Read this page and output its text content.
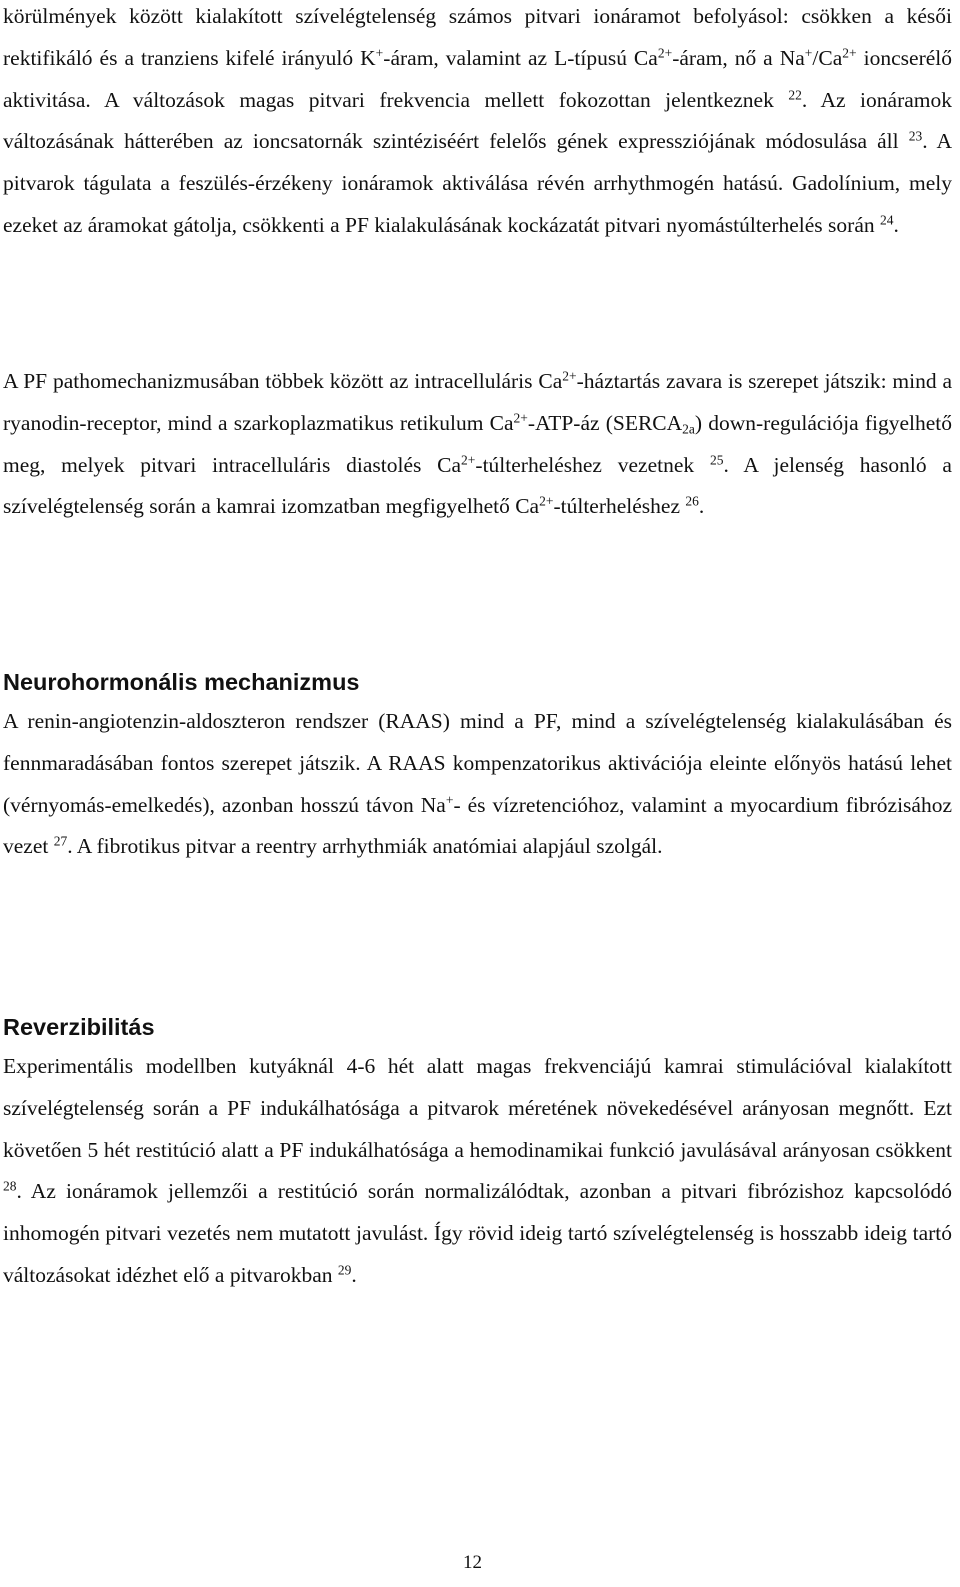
körülmények között kialakított szívelégtelenség számos pitvari ionáramot befolyásol: csökken a késői rektifikáló és a tranziens kifelé irányuló K+-áram, valamint az L-típusú $Ca^{2+}$-áram, nő a $Na^+/Ca^{2+}$ ioncserélő aktivitása. A változások magas pitvari frekvencia mellett fokozottan jelentkeznek $^{22}$. Az ionáramok változásának hátterében az ioncsatornák szintéziséért felelős gének expressziójának módosulása áll $^{23}$. A pitvarok tágulata a feszülés-érzékeny ionáramok aktiválása révén arrhythmogén hatású. Gadolínium, mely ezeket az áramokat gátolja, csökkenti a PF kialakulásának kockázatát pitvari nyomástúlterhelés során $^{24}$.

A PF pathomechanizmusában többek között az intracelluláris $Ca^{2+}$-háztartás zavara is szerepet játszik: mind a ryanodin-receptor, mind a szarkoplazmatikus retikulum $Ca^{2+}-ATP-áz$ $(SERCA_{2a})$ down-regulációja figyelhető meg, melyek pitvari intracelluláris diastolés $Ca^{2+}$-túlterheléshez vezetnek $^{25}$. A jelenség hasonló a szívelégtelenség során a kamrai izomzatban megfigyelhető $Ca^{2+}$-túlterheléshez $^{26}$.

Neurohormonális mechanizmus

A renin-angiotenzin-aldoszteron rendszer (RAAS) mind a PF, mind a szívelégtelenség kialakulásában és fennmaradásában fontos szerepet játszik. A RAAS kompenzatorikus aktivációja eleinte előnyös hatású lehet (vérnyomás-emelkedés), azonban hosszú távon Na+- és vízretencióhoz, valamint a myocardium fibrózisához vezet $^{27}$. A fibrotikus pitvar a reentry arrhythmiák anatómiai alapjául szolgál.

Reverzibilitás

Experimentális modellben kutyáknál 4-6 hét alatt magas frekvenciájú kamrai stimulációval kialakított szívelégtelenség során a PF indukálhatósága a pitvarok méretének növekedésével arányosan megnőtt. Ezt követően 5 hét restitúció alatt a PF indukálhatósága a hemodinamikai funkció javulásával arányosan csökkent $^{28}$. Az ionáramok jellemzői a restitúció során normalizálódtak, azonban a pitvari fibrózishoz kapcsolódó inhomogén pitvari vezetés nem mutatott javulást. Így rövid ideig tartó szívelégtelenség is hosszabb ideig tartó változásokat idézhet elő a pitvarokban $^{29}$.

12
